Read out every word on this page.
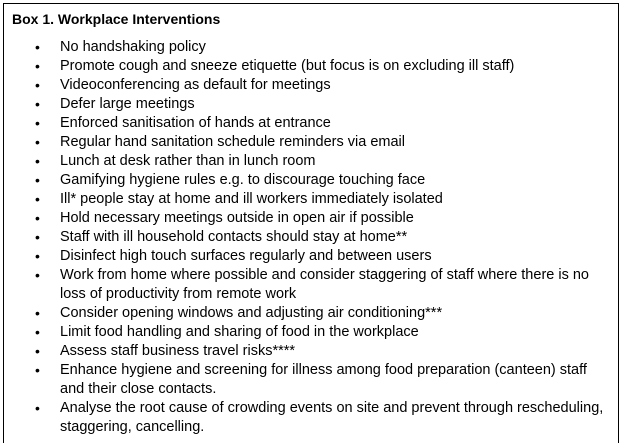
Box 1. Workplace Interventions
• No handshaking policy
• Promote cough and sneeze etiquette (but focus is on excluding ill staff)
• Videoconferencing as default for meetings
• Defer large meetings
• Enforced sanitisation of hands at entrance
• Regular hand sanitation schedule reminders via email
• Lunch at desk rather than in lunch room
• Gamifying hygiene rules e.g. to discourage touching face
• Ill* people stay at home and ill workers immediately isolated
• Hold necessary meetings outside in open air if possible
• Staff with ill household contacts should stay at home**
• Disinfect high touch surfaces regularly and between users
• Work from home where possible and consider staggering of staff where there is no loss of productivity from remote work
• Consider opening windows and adjusting air conditioning***
• Limit food handling and sharing of food in the workplace
• Assess staff business travel risks****
• Enhance hygiene and screening for illness among food preparation (canteen) staff and their close contacts.
• Analyse the root cause of crowding events on site and prevent through rescheduling, staggering, cancelling.
